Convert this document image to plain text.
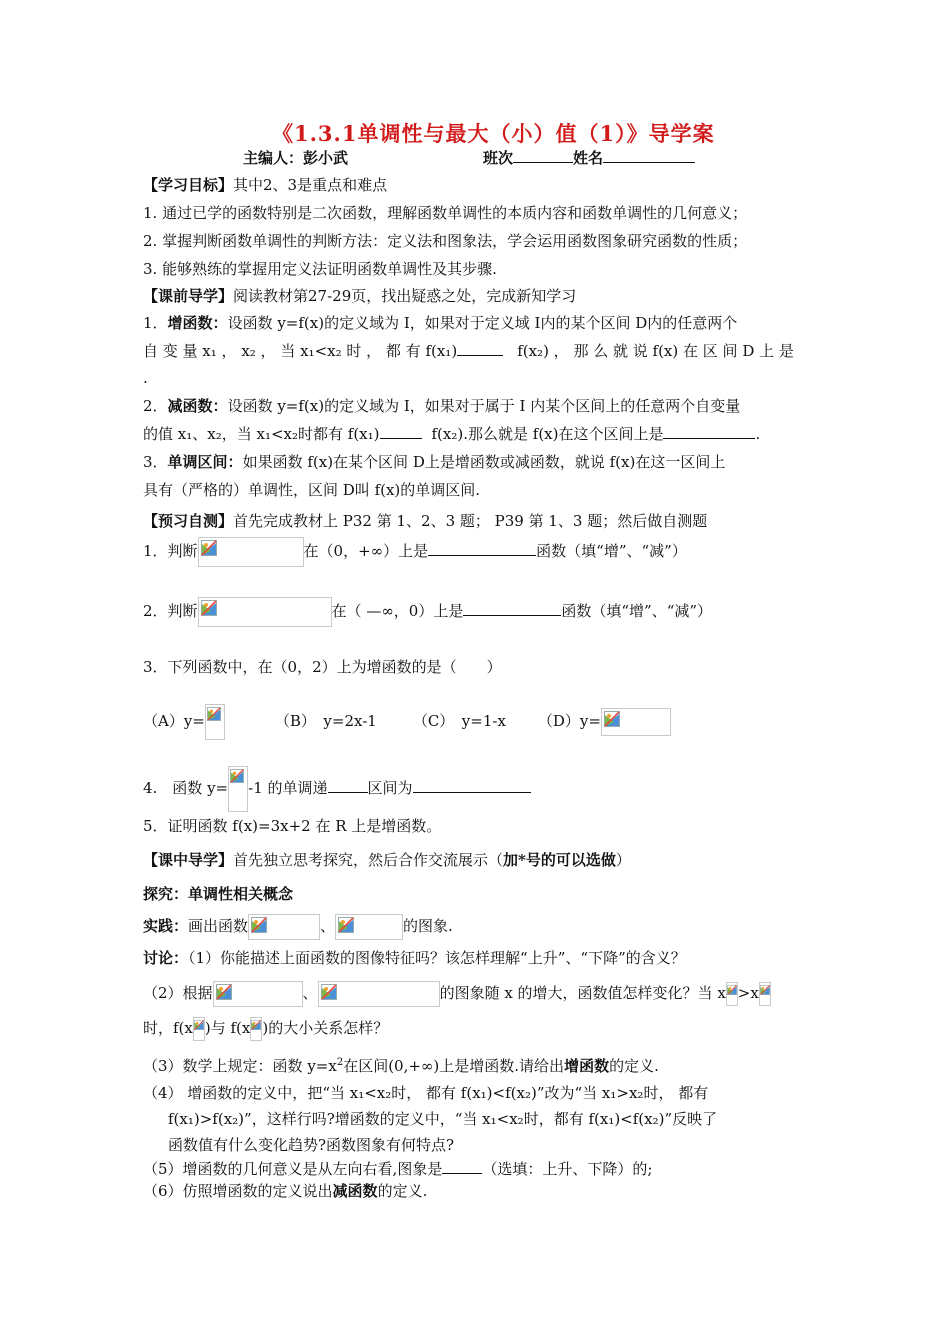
《1.3.1单调性与最大（小）值（1）》导学案
主编人：彭小武	班次	姓名
【学习目标】其中2、3是重点和难点
1. 通过已学的函数特别是二次函数，理解函数单调性的本质内容和函数单调性的几何意义；
2. 掌握判断函数单调性的判断方法：定义法和图象法，学会运用函数图象研究函数的性质；
3. 能够熟练的掌握用定义法证明函数单调性及其步骤.
【课前导学】阅读教材第27-29页，找出疑惑之处，完成新知学习
1．增函数：设函数 y=f(x)的定义域为 I，如果对于定义域 I内的某个区间 D内的任意两个
自 变 量 x₁ ， x₂ ， 当 x₁<x₂ 时 ， 都 有 f(x₁)	f(x₂) ， 那 么 就 说 f(x) 在 区 间 D 上 是
.
2．减函数：设函数 y=f(x)的定义域为 I，如果对于属于 I 内某个区间上的任意两个自变量
的值 x₁、x₂，当 x₁<x₂时都有 f(x₁)	f(x₂).那么就是 f(x)在这个区间上是	.
3．单调区间：如果函数 f(x)在某个区间 D上是增函数或减函数，就说 f(x)在这一区间上
具有（严格的）单调性，区间 D叫 f(x)的单调区间.
【预习自测】首先完成教材上 P32 第 1、2、3 题； P39 第 1、3 题；然后做自测题
1．判断	在（0，+∞）上是	函数（填“增”、“减”）
2．判断	在（ —∞，0）上是	函数（填“增”、“减”）
3．下列函数中，在（0，2）上为增函数的是（　　）
（A）y=	（B）　y=2x-1 （C）　y=1-x （D）y=
4.　函数 y= -1 的单调递	区间为
5．证明函数 f(x)=3x+2 在 R 上是增函数。
【课中导学】首先独立思考探究，然后合作交流展示（加*号的可以选做）
探究：单调性相关概念
实践：画出函数	、	的图象.
讨论：（1）你能描述上面函数的图像特征吗？该怎样理解“上升”、“下降”的含义？
（2）根据	、	的图象随 x 的增大，函数值怎样变化？当 x >x
时，f(x )与 f(x )的大小关系怎样？
（3）数学上规定：函数 $y=x^2$在区间(0,+∞)上是增函数.请给出增函数的定义.
（4） 增函数的定义中，把“当 x₁<x₂时， 都有 f(x₁)<f(x₂)”改为“当 x₁>x₂时， 都有
f(x₁)>f(x₂)”，这样行吗?增函数的定义中，“当 x₁<x₂时，都有 f(x₁)<f(x₂)”反映了
函数值有什么变化趋势?函数图象有何特点?
（5）增函数的几何意义是从左向右看,图象是	（选填：上升、下降）的;
（6）仿照增函数的定义说出减函数的定义.
